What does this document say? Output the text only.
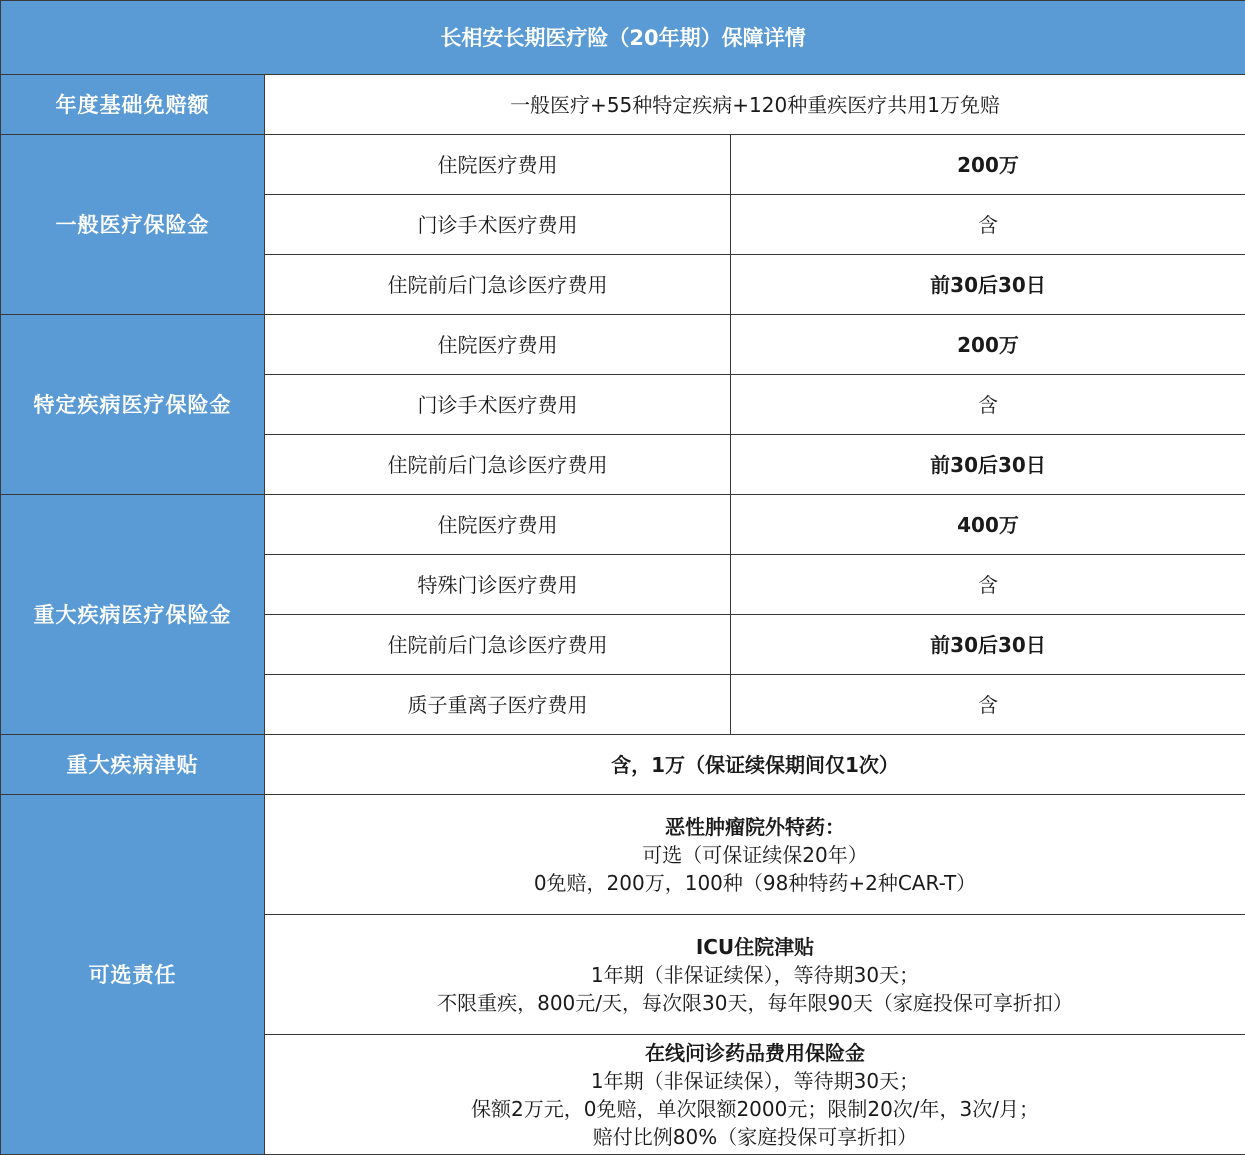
长相安长期医疗险（20年期）保障详情		
年度基础免赔额	一般医疗+55种特定疾病+120种重疾医疗共用1万免赔	
一般医疗保险金	住院医疗费用	200万
	门诊手术医疗费用	含
	住院前后门急诊医疗费用	前30后30日
特定疾病医疗保险金	住院医疗费用	200万
	门诊手术医疗费用	含
	住院前后门急诊医疗费用	前30后30日
重大疾病医疗保险金	住院医疗费用	400万
	特殊门诊医疗费用	含
	住院前后门急诊医疗费用	前30后30日
	质子重离子医疗费用	含
重大疾病津贴	含，1万（保证续保期间仅1次）	
可选责任	恶性肿瘤院外特药：
可选（可保证续保20年）
0免赔，200万，100种（98种特药+2种CAR-T）	

	ICU住院津贴
1年期（非保证续保），等待期30天；
不限重疾，800元/天，每次限30天，每年限90天（家庭投保可享折扣）	

	在线问诊药品费用保险金
1年期（非保证续保），等待期30天；
保额2万元，0免赔，单次限额2000元；限制20次/年，3次/月；
赔付比例80%（家庭投保可享折扣）	
